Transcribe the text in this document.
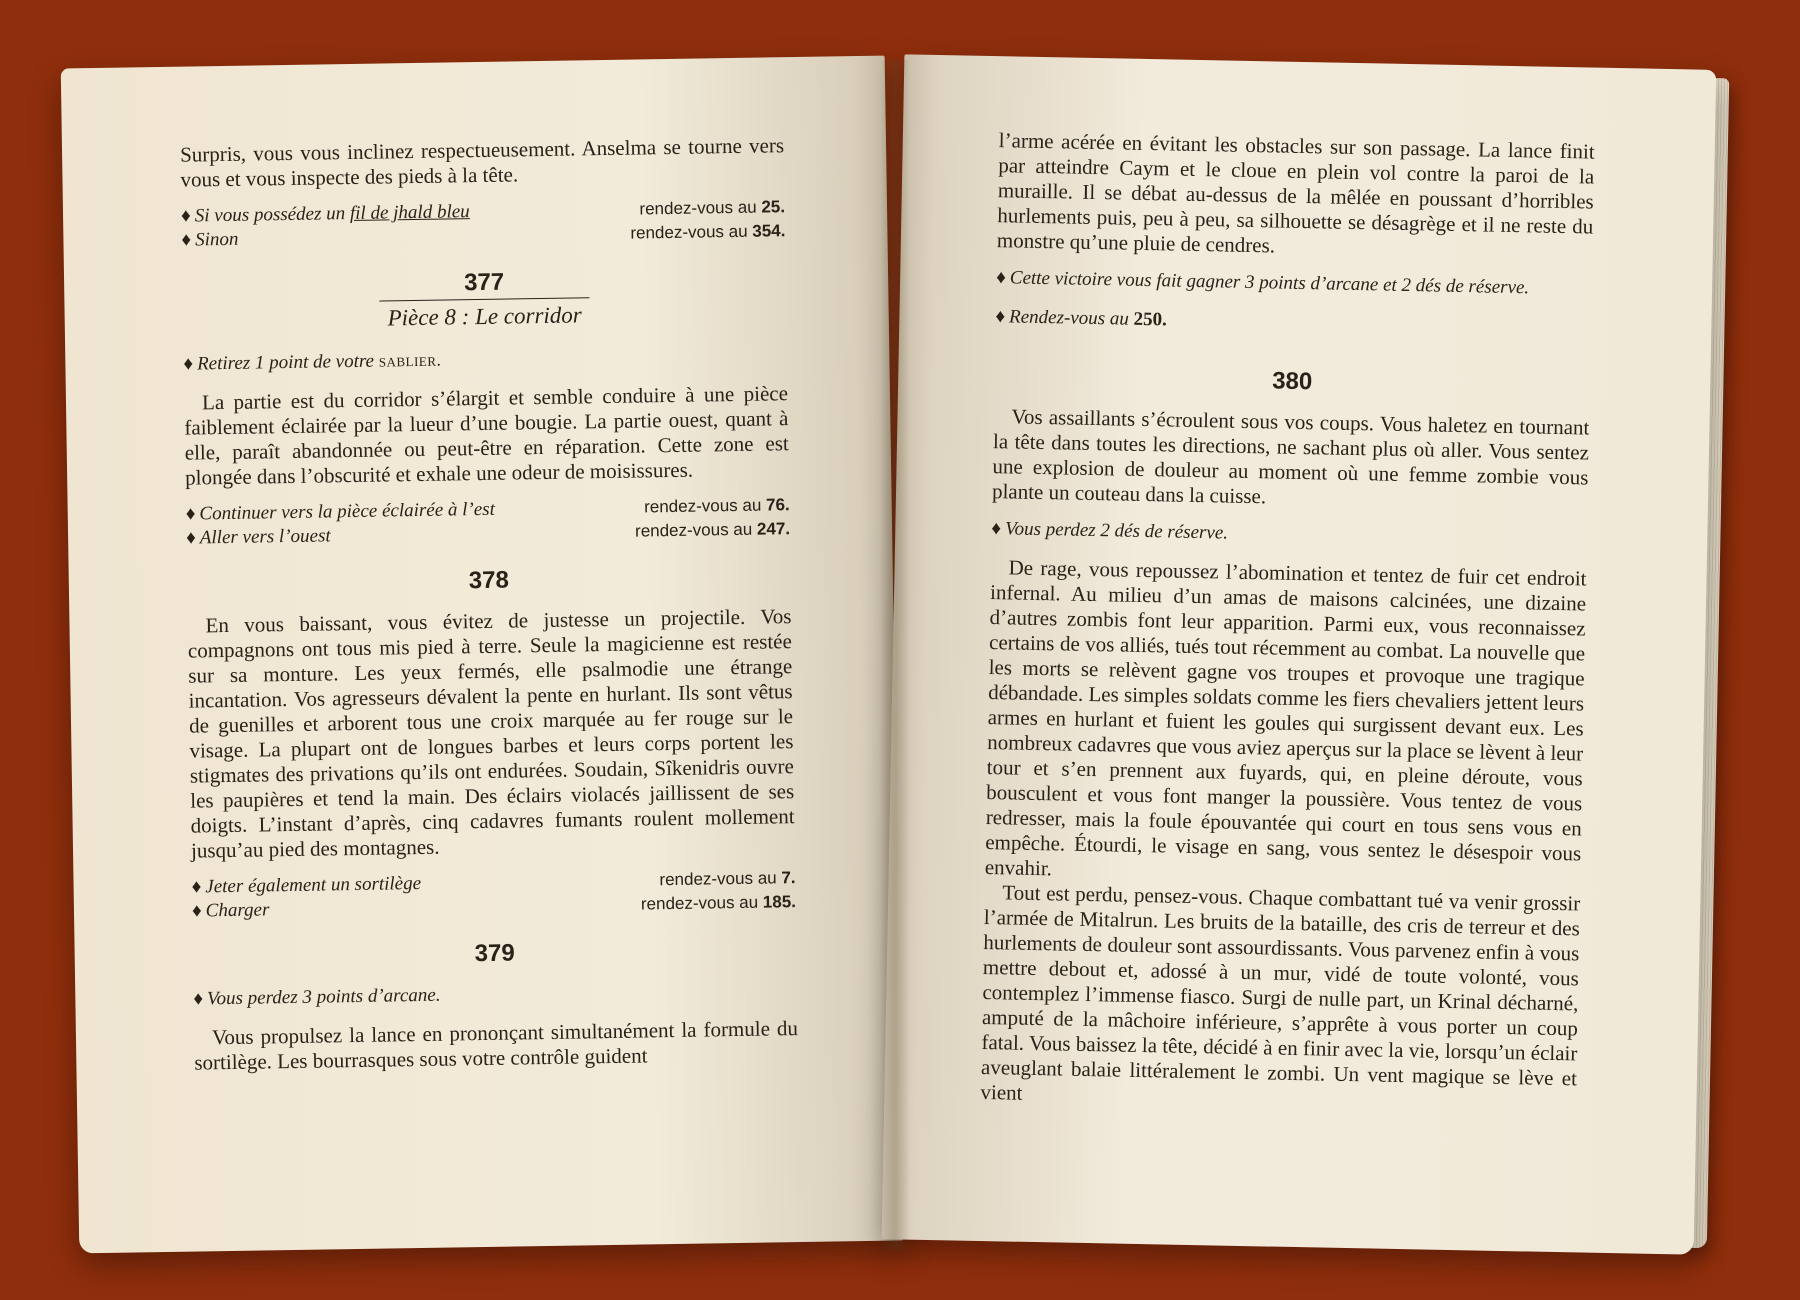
Surpris, vous vous inclinez respectueusement. Anselma se tourne vers vous et vous inspecte des pieds à la tête.

♦ Si vous possédez un fil de jhald bleu	rendez-vous au 25.
♦ Sinon	rendez-vous au 354.
377
Pièce 8 : Le corridor
♦ Retirez 1 point de votre sablier.

La partie est du corridor s’élargit et semble conduire à une pièce faiblement éclairée par la lueur d’une bougie. La partie ouest, quant à elle, paraît abandonnée ou peut-être en réparation. Cette zone est plongée dans l’obscurité et exhale une odeur de moisissures.

♦ Continuer vers la pièce éclairée à l’est	rendez-vous au 76.
♦ Aller vers l’ouest	rendez-vous au 247.
378

En vous baissant, vous évitez de justesse un projectile. Vos compagnons ont tous mis pied à terre. Seule la magicienne est restée sur sa monture. Les yeux fermés, elle psalmodie une étrange incantation. Vos agresseurs dévalent la pente en hurlant. Ils sont vêtus de guenilles et arborent tous une croix marquée au fer rouge sur le visage. La plupart ont de longues barbes et leurs corps portent les stigmates des privations qu’ils ont endurées. Soudain, Sîkenidris ouvre les paupières et tend la main. Des éclairs violacés jaillissent de ses doigts. L’instant d’après, cinq cadavres fumants roulent mollement jusqu’au pied des montagnes.

♦ Jeter également un sortilège	rendez-vous au 7.
♦ Charger	rendez-vous au 185.
379
♦ Vous perdez 3 points d’arcane.

Vous propulsez la lance en prononçant simultanément la formule du sortilège. Les bourrasques sous votre contrôle guident

l’arme acérée en évitant les obstacles sur son passage. La lance finit par atteindre Caym et le cloue en plein vol contre la paroi de la muraille. Il se débat au-dessus de la mêlée en poussant d’horribles hurlements puis, peu à peu, sa silhouette se désagrège et il ne reste du monstre qu’une pluie de cendres.

♦ Cette victoire vous fait gagner 3 points d’arcane et 2 dés de réserve.
♦ Rendez-vous au 250.
380

Vos assaillants s’écroulent sous vos coups. Vous haletez en tournant la tête dans toutes les directions, ne sachant plus où aller. Vous sentez une explosion de douleur au moment où une femme zombie vous plante un couteau dans la cuisse.

♦ Vous perdez 2 dés de réserve.

De rage, vous repoussez l’abomination et tentez de fuir cet endroit infernal. Au milieu d’un amas de maisons calcinées, une dizaine d’autres zombis font leur apparition. Parmi eux, vous reconnaissez certains de vos alliés, tués tout récemment au combat. La nouvelle que les morts se relèvent gagne vos troupes et provoque une tragique débandade. Les simples soldats comme les fiers chevaliers jettent leurs armes en hurlant et fuient les goules qui surgissent devant eux. Les nombreux cadavres que vous aviez aperçus sur la place se lèvent à leur tour et s’en prennent aux fuyards, qui, en pleine déroute, vous bousculent et vous font manger la poussière. Vous tentez de vous redresser, mais la foule épouvantée qui court en tous sens vous en empêche. Étourdi, le visage en sang, vous sentez le désespoir vous envahir.

Tout est perdu, pensez-vous. Chaque combattant tué va venir grossir l’armée de Mitalrun. Les bruits de la bataille, des cris de terreur et des hurlements de douleur sont assourdissants. Vous parvenez enfin à vous mettre debout et, adossé à un mur, vidé de toute volonté, vous contemplez l’immense fiasco. Surgi de nulle part, un Krinal décharné, amputé de la mâchoire inférieure, s’apprête à vous porter un coup fatal. Vous baissez la tête, décidé à en finir avec la vie, lorsqu’un éclair aveuglant balaie littéralement le zombi. Un vent magique se lève et vient
